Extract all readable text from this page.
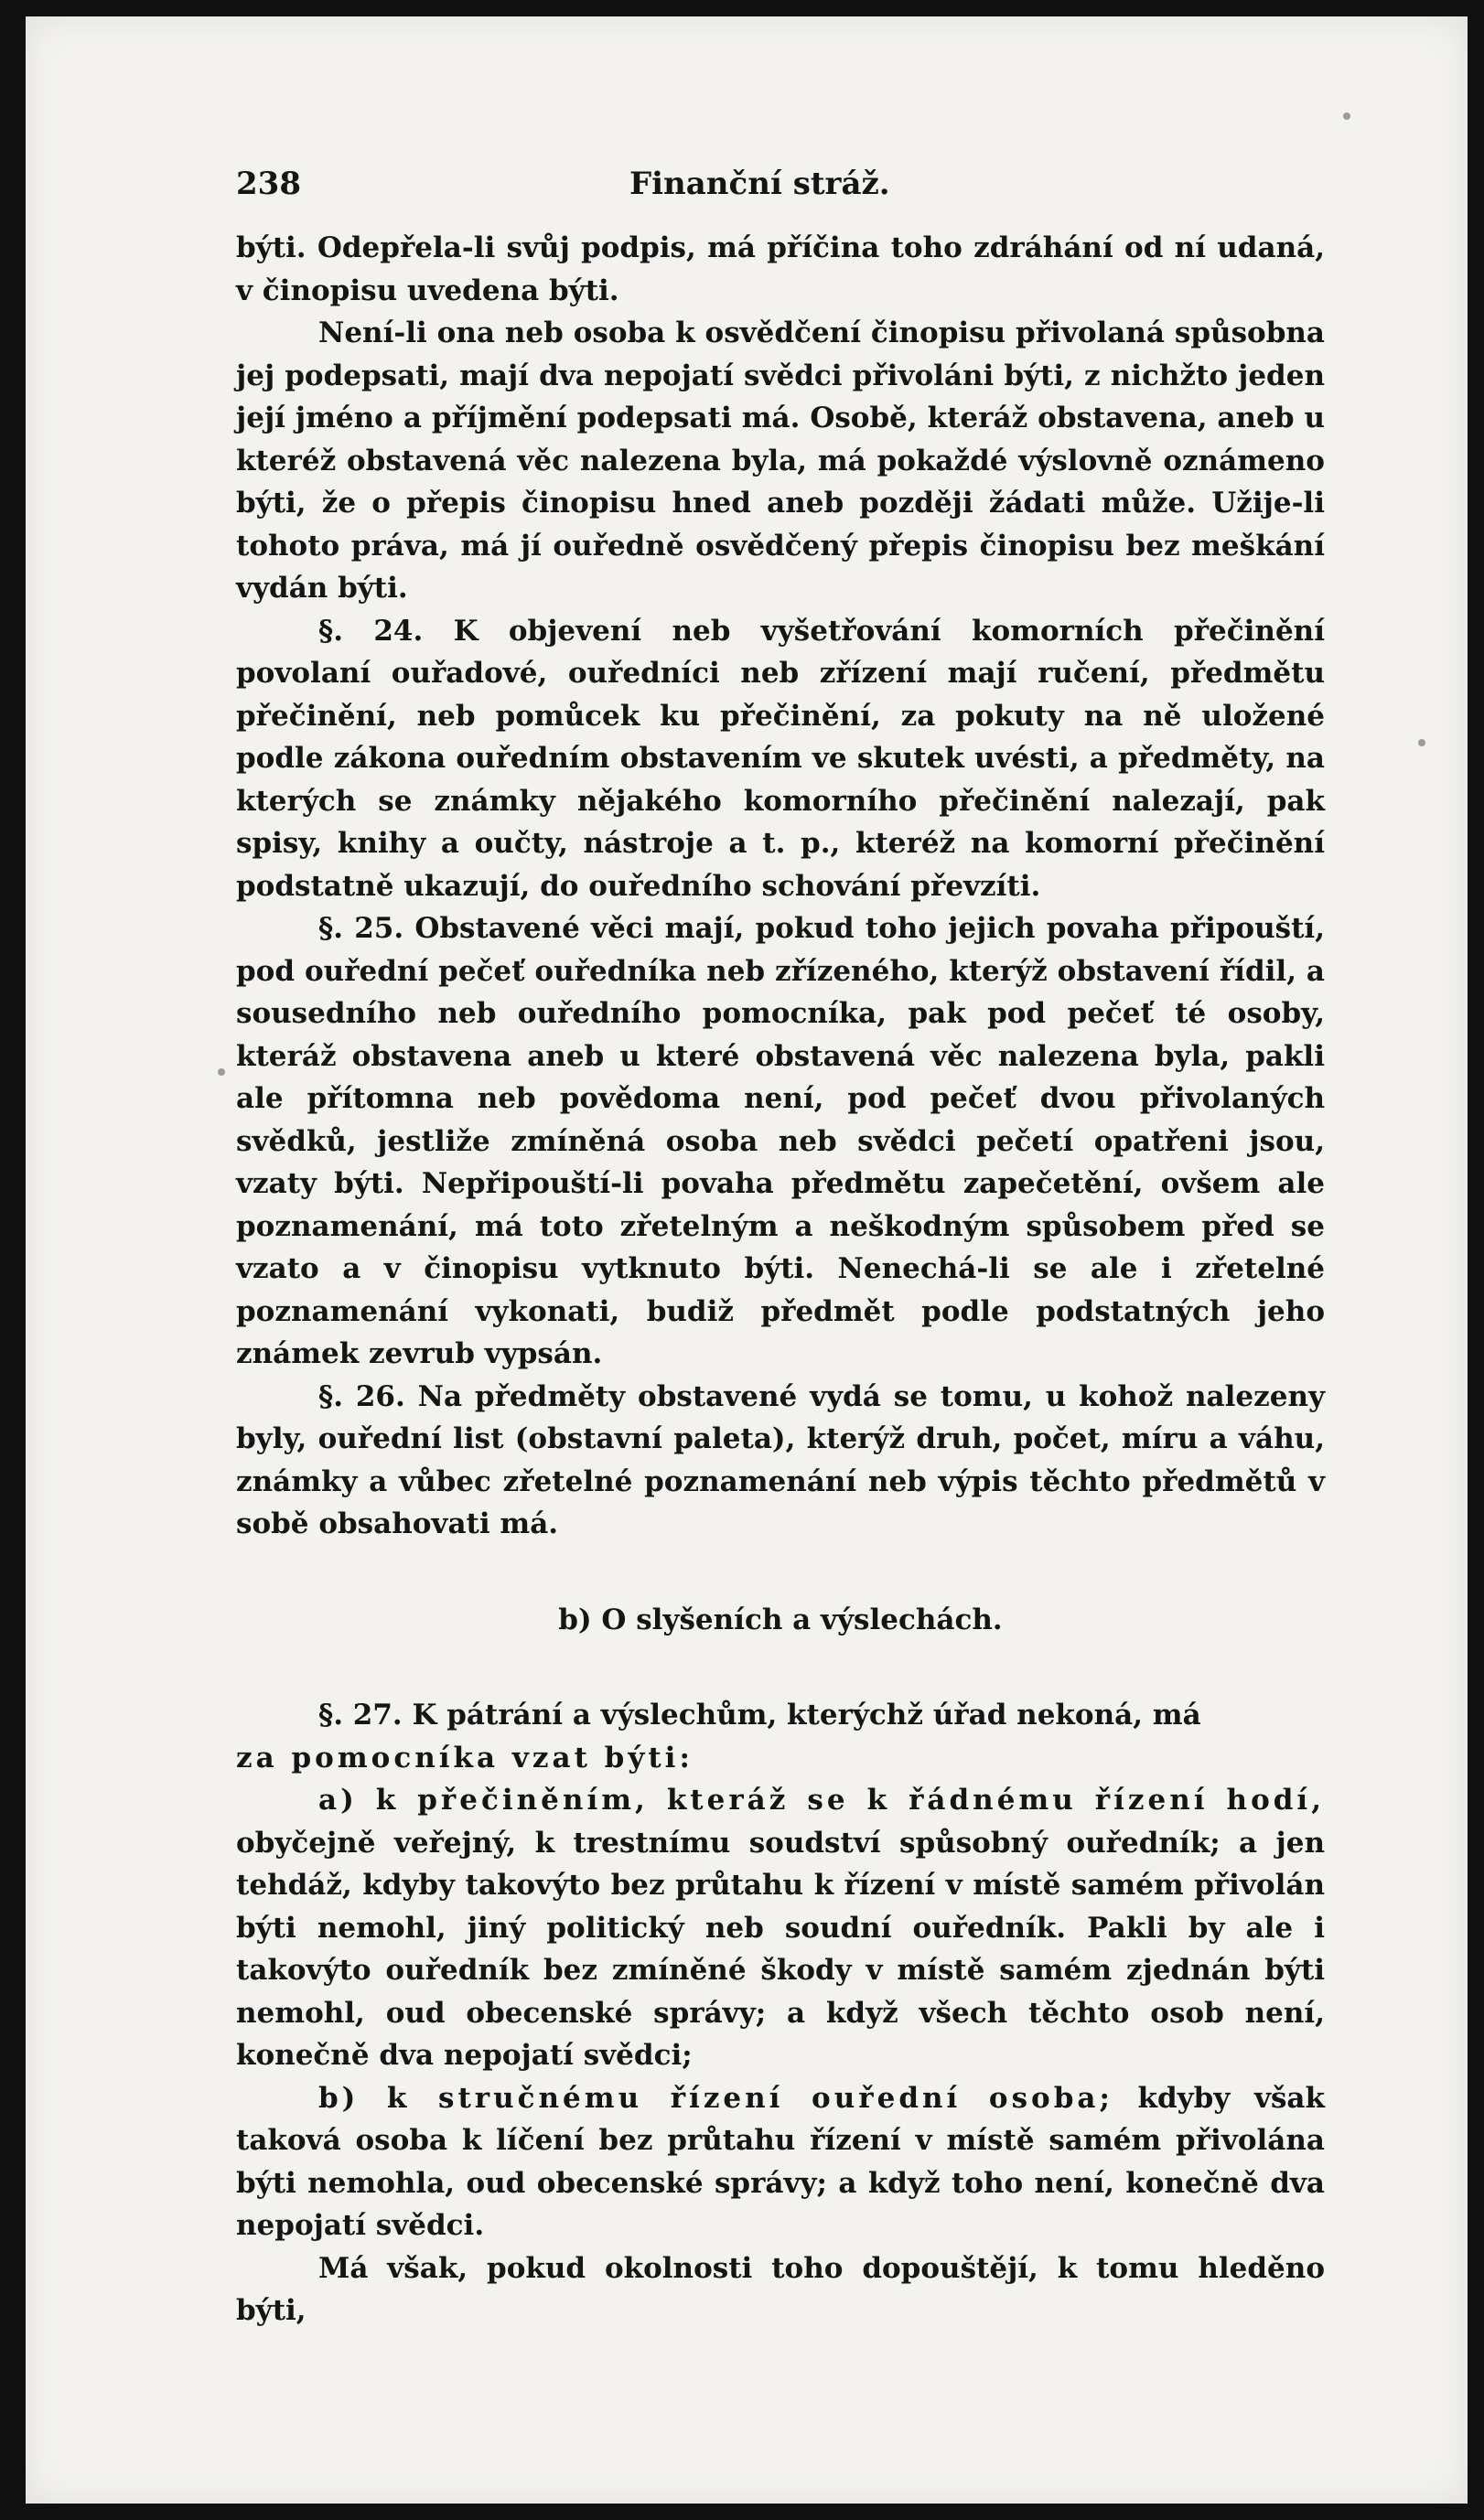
238	Finanční stráž.

býti. Odepřela-li svůj podpis, má příčina toho zdráhání od ní udaná, v činopisu uvedena býti.

Není-li ona neb osoba k osvědčení činopisu přivolaná spůsobna jej podepsati, mají dva nepojatí svědci přivoláni býti, z nichžto jeden její jméno a příjmění podepsati má. Osobě, kteráž obstavena, aneb u kteréž obstavená věc nalezena byla, má pokaždé výslovně oznámeno býti, že o přepis činopisu hned aneb později žádati může. Užije-li tohoto práva, má jí ouředně osvědčený přepis činopisu bez meškání vydán býti.

§. 24. K objevení neb vyšetřování komorních přečinění povolaní ouřadové, ouředníci neb zřízení mají ručení, předmětu přečinění, neb pomůcek ku přečinění, za pokuty na ně uložené podle zákona ouředním obstavením ve skutek uvésti, a předměty, na kterých se známky nějakého komorního přečinění nalezají, pak spisy, knihy a oučty, nástroje a t. p., kteréž na komorní přečinění podstatně ukazují, do ouředního schování převzíti.

§. 25. Obstavené věci mají, pokud toho jejich povaha připouští, pod ouřední pečeť ouředníka neb zřízeného, kterýž obstavení řídil, a sousedního neb ouředního pomocníka, pak pod pečeť té osoby, kteráž obstavena aneb u které obstavená věc nalezena byla, pakli ale přítomna neb povědoma není, pod pečeť dvou přivolaných svědků, jestliže zmíněná osoba neb svědci pečetí opatřeni jsou, vzaty býti. Nepřipouští-li povaha předmětu zapečetění, ovšem ale poznamenání, má toto zřetelným a neškodným spůsobem před se vzato a v činopisu vytknuto býti. Nenechá-li se ale i zřetelné poznamenání vykonati, budiž předmět podle podstatných jeho známek zevrub vypsán.

§. 26. Na předměty obstavené vydá se tomu, u kohož nalezeny byly, ouřední list (obstavní paleta), kterýž druh, počet, míru a váhu, známky a vůbec zřetelné poznamenání neb výpis těchto předmětů v sobě obsahovati má.

b) O slyšeních a výslechách.

§. 27. K pátrání a výslechům, kterýchž úřad nekoná, má

za pomocníka vzat býti:

a) k přečiněním, kteráž se k řádnému řízení hodí, obyčejně veřejný, k trestnímu soudství spůsobný ouředník; a jen tehdáž, kdyby takovýto bez průtahu k řízení v místě samém přivolán býti nemohl, jiný politický neb soudní ouředník. Pakli by ale i takovýto ouředník bez zmíněné škody v místě samém zjednán býti nemohl, oud obecenské správy; a když všech těchto osob není, konečně dva nepojatí svědci;

b) k stručnému řízení ouřední osoba; kdyby však taková osoba k líčení bez průtahu řízení v místě samém přivolána býti nemohla, oud obecenské správy; a když toho není, konečně dva nepojatí svědci.

Má však, pokud okolnosti toho dopouštějí, k tomu hleděno býti,
